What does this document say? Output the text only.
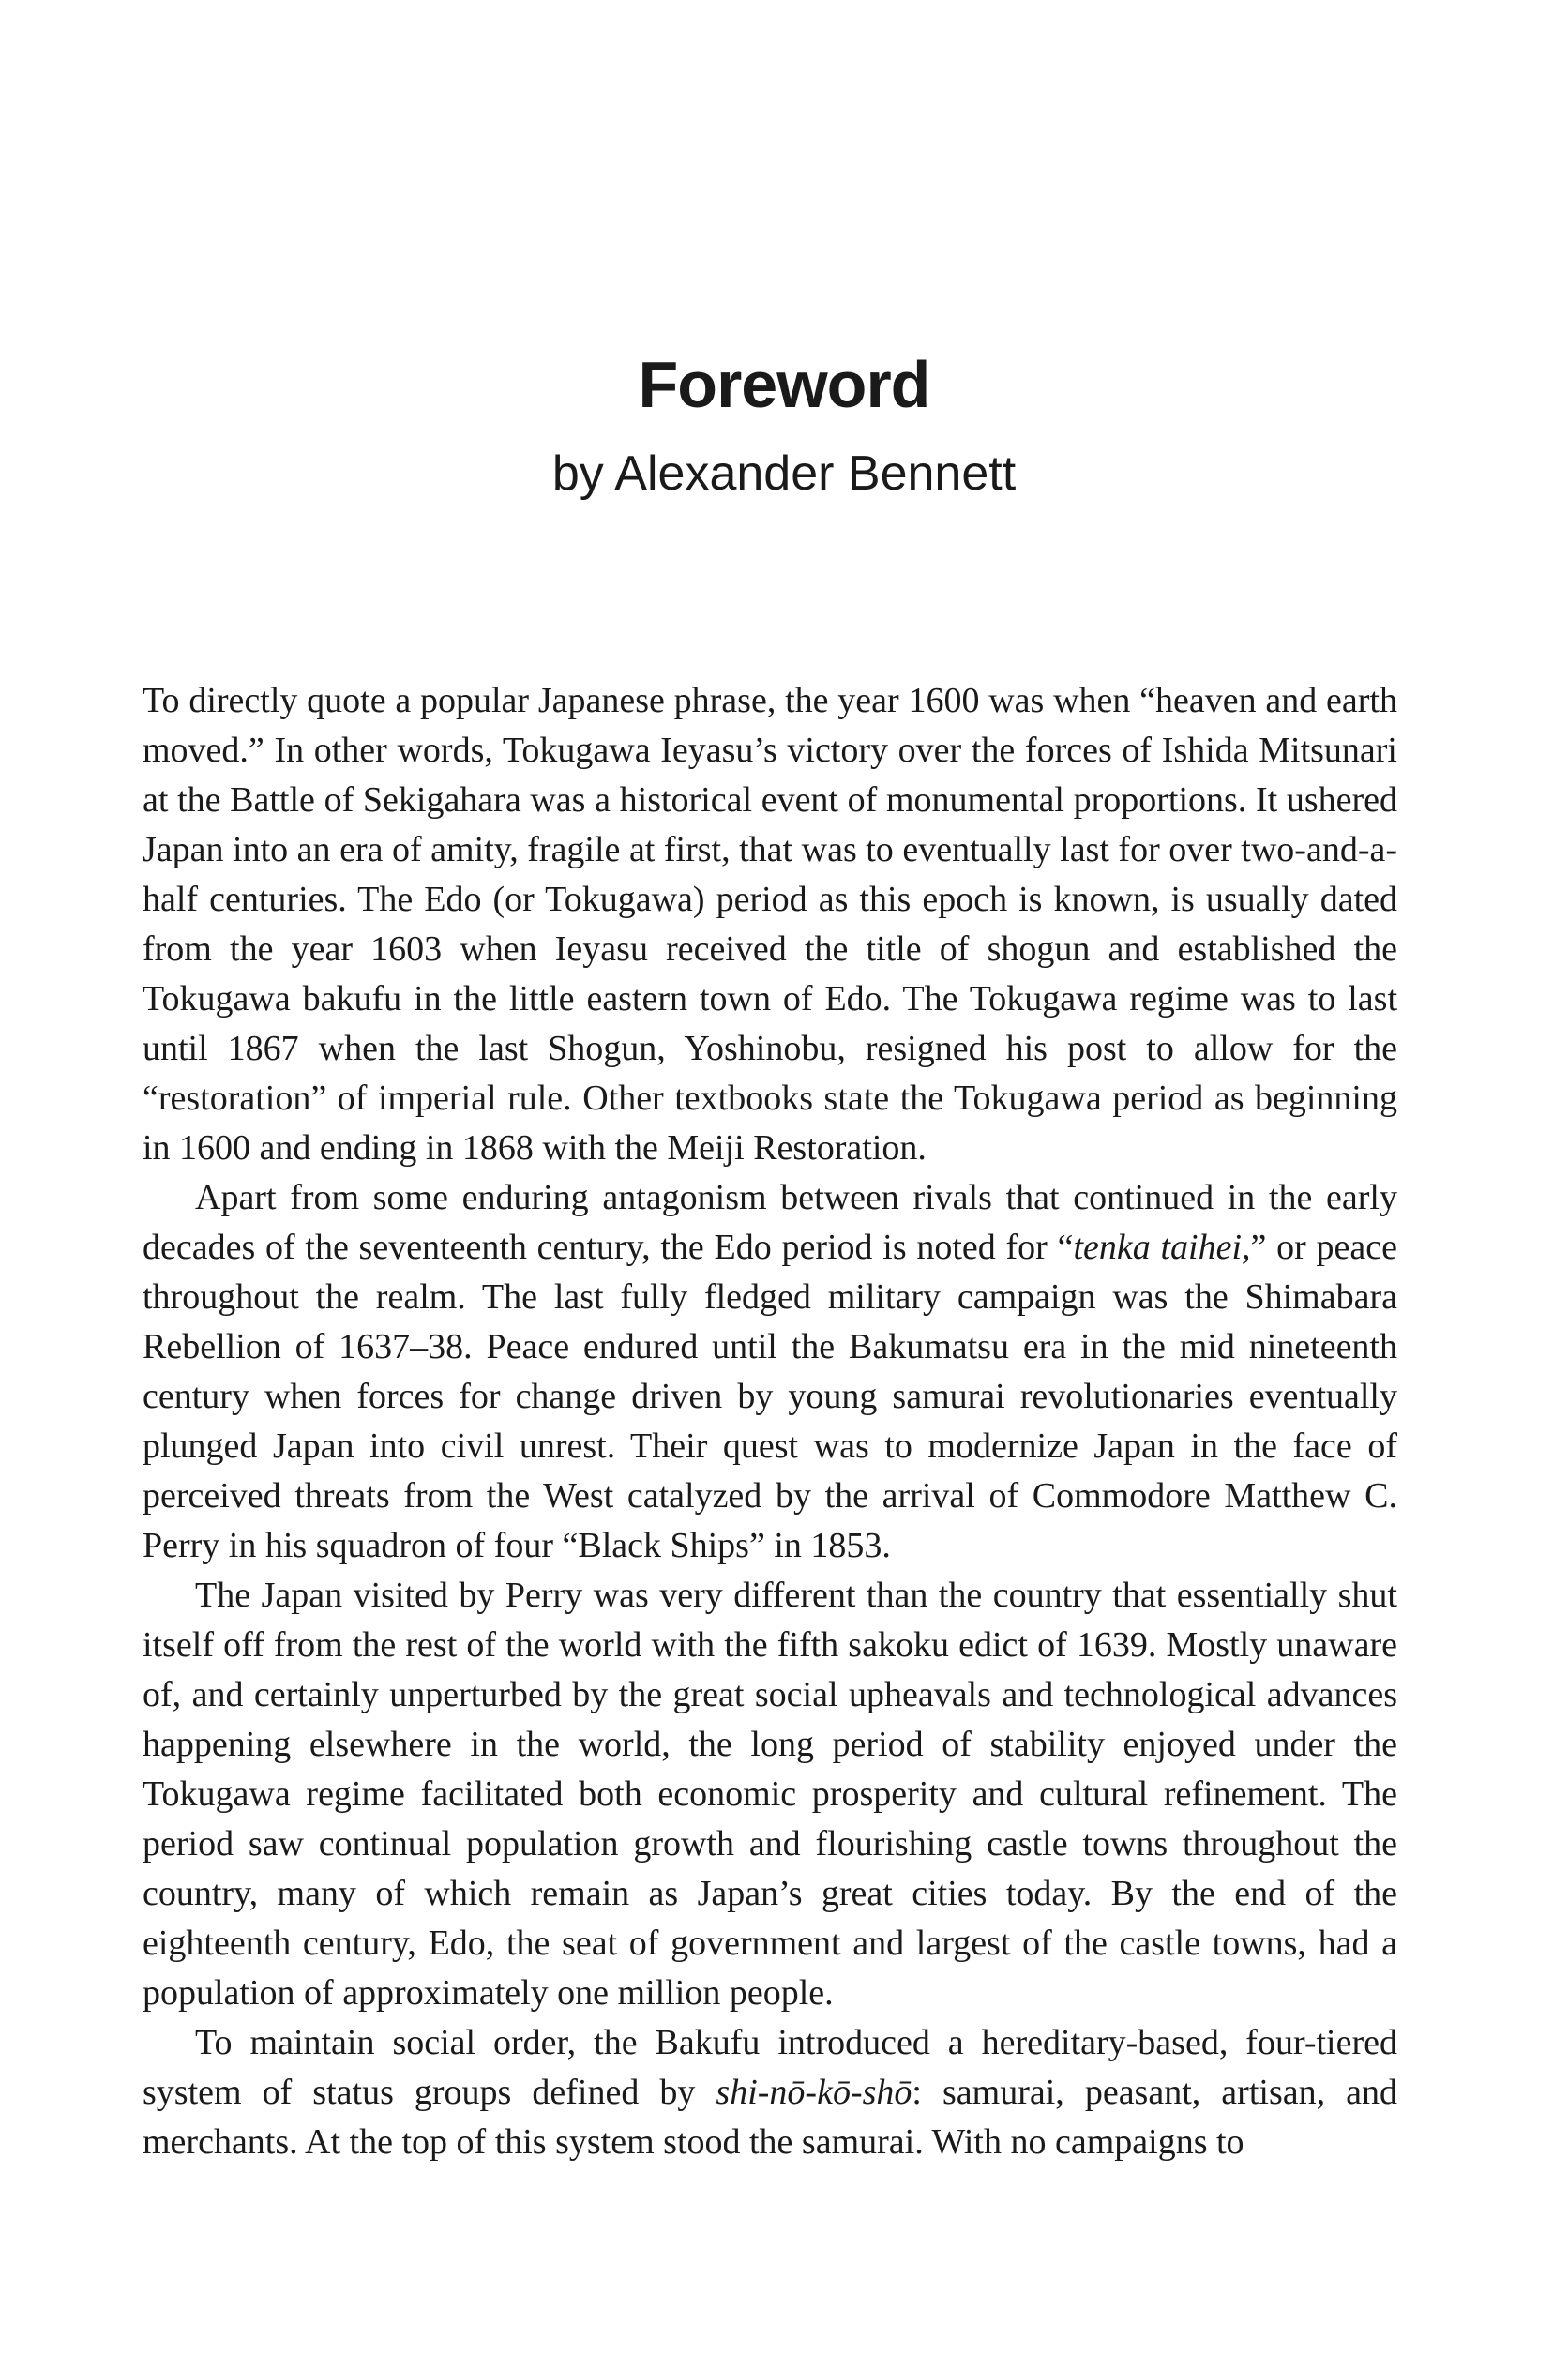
Foreword
by Alexander Bennett

To directly quote a popular Japanese phrase, the year 1600 was when “heaven and earth moved.” In other words, Tokugawa Ieyasu’s victory over the forces of Ishida Mitsunari at the Battle of Sekigahara was a historical event of monumental proportions. It ushered Japan into an era of amity, fragile at first, that was to eventually last for over two-and-a-half centuries. The Edo (or Tokugawa) period as this epoch is known, is usually dated from the year 1603 when Ieyasu received the title of shogun and established the Tokugawa bakufu in the little eastern town of Edo. The Tokugawa regime was to last until 1867 when the last Shogun, Yoshinobu, resigned his post to allow for the “restoration” of imperial rule. Other textbooks state the Tokugawa period as beginning in 1600 and ending in 1868 with the Meiji Restoration.

Apart from some enduring antagonism between rivals that continued in the early decades of the seventeenth century, the Edo period is noted for “tenka taihei,” or peace throughout the realm. The last fully fledged military campaign was the Shimabara Rebellion of 1637–38. Peace endured until the Bakumatsu era in the mid nineteenth century when forces for change driven by young samurai revolutionaries eventually plunged Japan into civil unrest. Their quest was to modernize Japan in the face of perceived threats from the West catalyzed by the arrival of Commodore Matthew C. Perry in his squadron of four “Black Ships” in 1853.

The Japan visited by Perry was very different than the country that essentially shut itself off from the rest of the world with the fifth sakoku edict of 1639. Mostly unaware of, and certainly unperturbed by the great social upheavals and technological advances happening elsewhere in the world, the long period of stability enjoyed under the Tokugawa regime facilitated both economic prosperity and cultural refinement. The period saw continual population growth and flourishing castle towns throughout the country, many of which remain as Japan’s great cities today. By the end of the eighteenth century, Edo, the seat of government and largest of the castle towns, had a population of approximately one million people.

To maintain social order, the Bakufu introduced a hereditary-based, four-tiered system of status groups defined by shi-nō-kō-shō: samurai, peasant, artisan, and merchants. At the top of this system stood the samurai. With no campaigns to
